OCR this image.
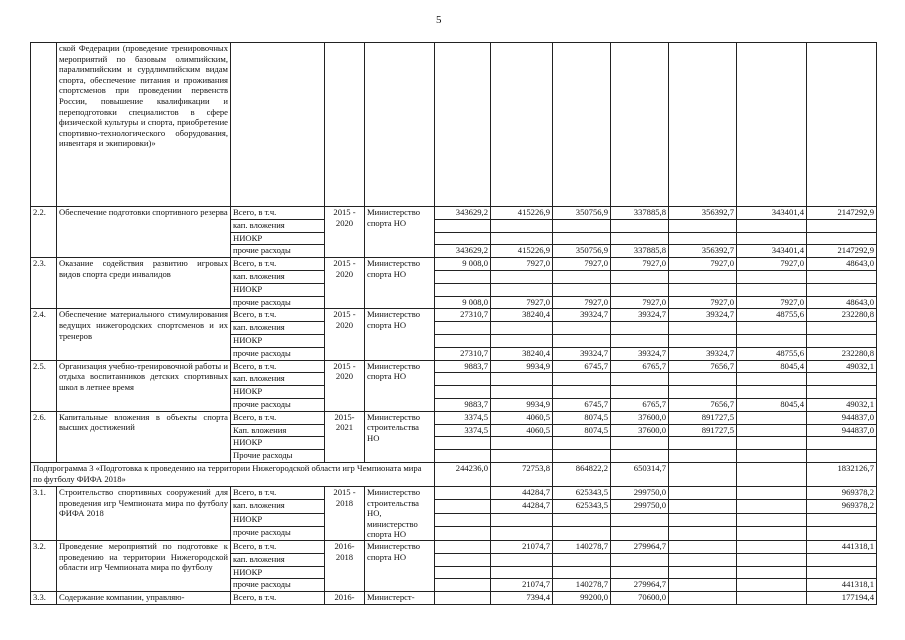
5
	ской Федерации (проведение тренировочных мероприятий по базовым олимпийским, паралимпийским и сурдлимпийским видам спорта, обеспечение питания и проживания спортсменов при проведении первенств России, повышение квалификации и переподготовки специалистов в сфере физической культуры и спорта, приобретение спортивно-технологического оборудования, инвентаря и экипировки)»										
2.2.	Обеспечение подготовки спортивного резерва	Всего, в т.ч.	2015 - 2020	Министерство спорта НО	343629,2	415226,9	350756,9	337885,8	356392,7	343401,4	2147292,9
		кап. вложения									
		НИОКР									
		прочие расходы			343629,2	415226,9	350756,9	337885,8	356392,7	343401,4	2147292,9
2.3.	Оказание содействия развитию игровых видов спорта среди инвалидов	Всего, в т.ч.	2015 - 2020	Министерство спорта НО	9 008,0	7927,0	7927,0	7927,0	7927,0	7927,0	48643,0
		кап. вложения									
		НИОКР									
		прочие расходы			9 008,0	7927,0	7927,0	7927,0	7927,0	7927,0	48643,0
2.4.	Обеспечение материального стимулирования ведущих нижегородских спортсменов и их тренеров	Всего, в т.ч.	2015 - 2020	Министерство спорта НО	27310,7	38240,4	39324,7	39324,7	39324,7	48755,6	232280,8
		кап. вложения									
		НИОКР									
		прочие расходы			27310,7	38240,4	39324,7	39324,7	39324,7	48755,6	232280,8
2.5.	Организация учебно-тренировочной работы и отдыха воспитанников детских спортивных школ в летнее время	Всего, в т.ч.	2015 - 2020	Министерство спорта НО	9883,7	9934,9	6745,7	6765,7	7656,7	8045,4	49032,1
		кап. вложения									
		НИОКР									
		прочие расходы			9883,7	9934,9	6745,7	6765,7	7656,7	8045,4	49032,1
2.6.	Капитальные вложения в объекты спорта высших достижений	Всего, в т.ч.	2015-2021	Министерство строительства НО	3374,5	4060,5	8074,5	37600,0	891727,5		944837,0
		Кап. вложения			3374,5	4060,5	8074,5	37600,0	891727,5		944837,0
		НИОКР									
		Прочие расходы									
Подпрограмма 3 «Подготовка к проведению на территории Нижегородской области игр Чемпионата мира по футболу ФИФА 2018»					244236,0	72753,8	864822,2	650314,7			1832126,7
3.1.	Строительство спортивных сооружений для проведения игр Чемпионата мира по футболу ФИФА 2018	Всего, в т.ч.	2015 - 2018	Министерство строительства НО, министерство спорта НО		44284,7	625343,5	299750,0			969378,2
		кап. вложения				44284,7	625343,5	299750,0			969378,2
		НИОКР									
		прочие расходы									
3.2.	Проведение мероприятий по подготовке к проведению на территории Нижегородской области игр Чемпионата мира по футболу	Всего, в т.ч.	2016-2018	Министерство спорта НО		21074,7	140278,7	279964,7			441318,1
		кап. вложения									
		НИОКР									
		прочие расходы				21074,7	140278,7	279964,7			441318,1
3.3.	Содержание компании, управляю-	Всего, в т.ч.	2016-	Министерст-		7394,4	99200,0	70600,0			177194,4
